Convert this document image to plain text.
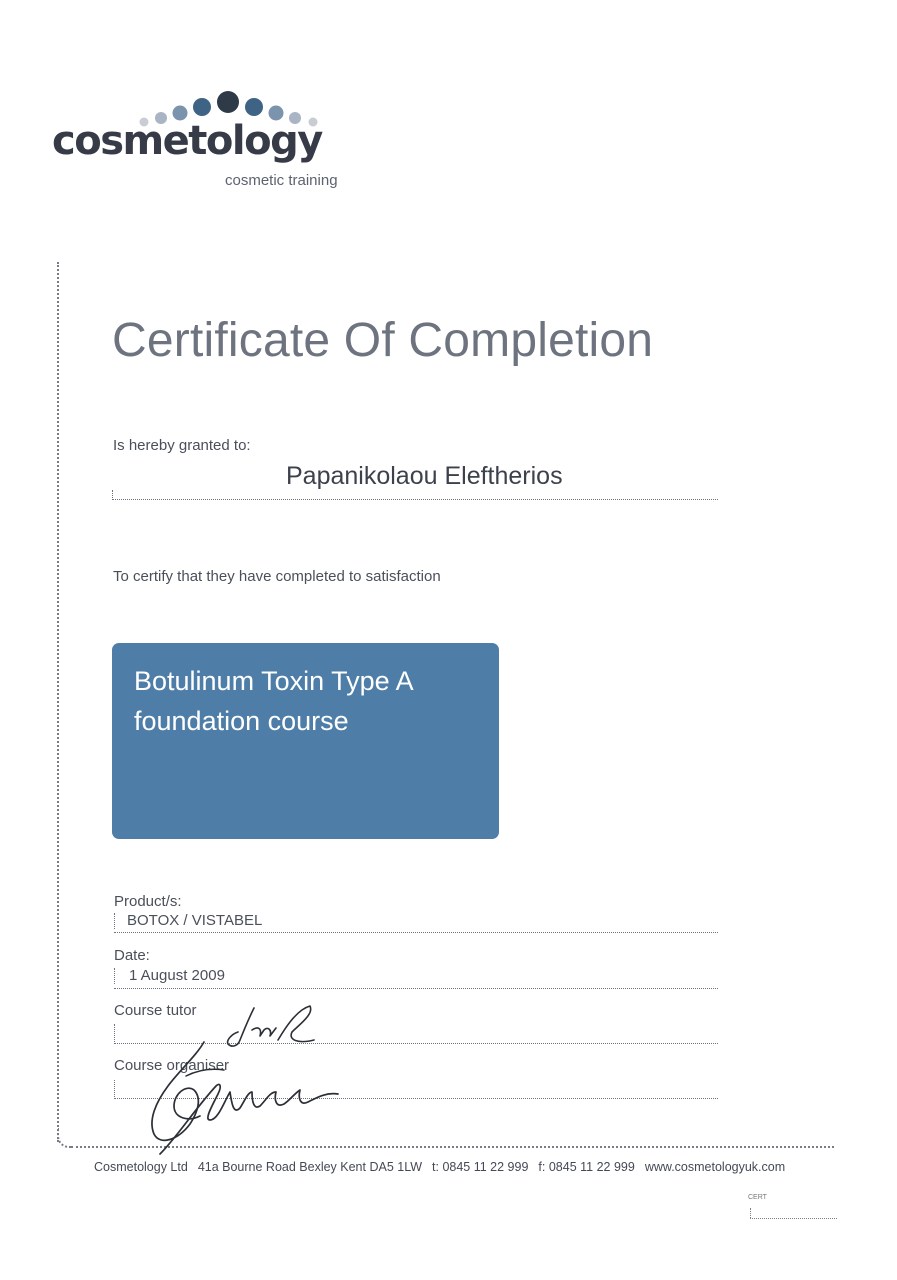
cosmetology
cosmetic training
Certificate Of Completion
Is hereby granted to:
Papanikolaou Eleftherios
To certify that they have completed to satisfaction
Botulinum Toxin Type A
foundation course
Product/s:
BOTOX / VISTABEL
Date:
1 August 2009
Course tutor
Course organiser
Cosmetology Ltd 41a Bourne Road Bexley Kent DA5 1LW t: 0845 11 22 999 f: 0845 11 22 999 www.cosmetologyuk.com
CERT
